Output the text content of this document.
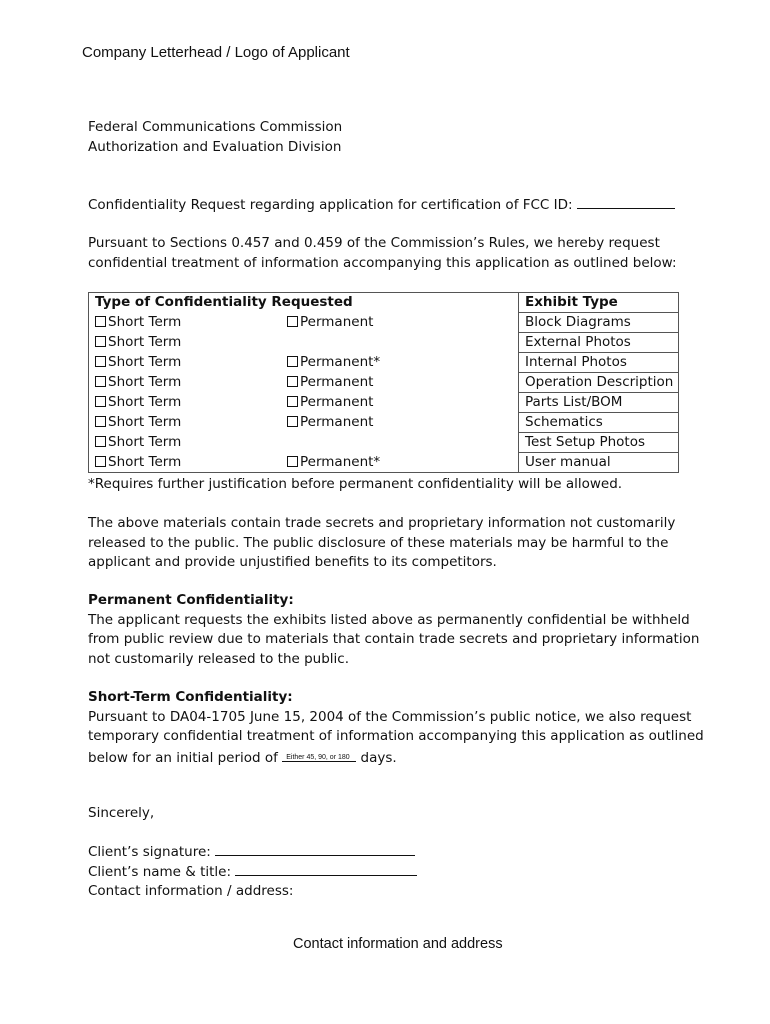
Company Letterhead / Logo of Applicant
Federal Communications Commission
Authorization and Evaluation Division
Confidentiality Request regarding application for certification of FCC ID:
Pursuant to Sections 0.457 and 0.459 of the Commission’s Rules, we hereby request
confidential treatment of information accompanying this application as outlined below:
Type of Confidentiality Requested		Exhibit Type
Short Term	Permanent	Block Diagrams
Short Term		External Photos
Short Term	Permanent*	Internal Photos
Short Term	Permanent	Operation Description
Short Term	Permanent	Parts List/BOM
Short Term	Permanent	Schematics
Short Term		Test Setup Photos
Short Term	Permanent*	User manual
*Requires further justification before permanent confidentiality will be allowed.
The above materials contain trade secrets and proprietary information not customarily
released to the public. The public disclosure of these materials may be harmful to the
applicant and provide unjustified benefits to its competitors.
Permanent Confidentiality:
The applicant requests the exhibits listed above as permanently confidential be withheld
from public review due to materials that contain trade secrets and proprietary information
not customarily released to the public.
Short-Term Confidentiality:
Pursuant to DA04-1705 June 15, 2004 of the Commission’s public notice, we also request
temporary confidential treatment of information accompanying this application as outlined
below for an initial period of Either 45, 90, or 180 days.
Sincerely,
Client’s signature:
Client’s name & title:
Contact information / address:
Contact information and address
